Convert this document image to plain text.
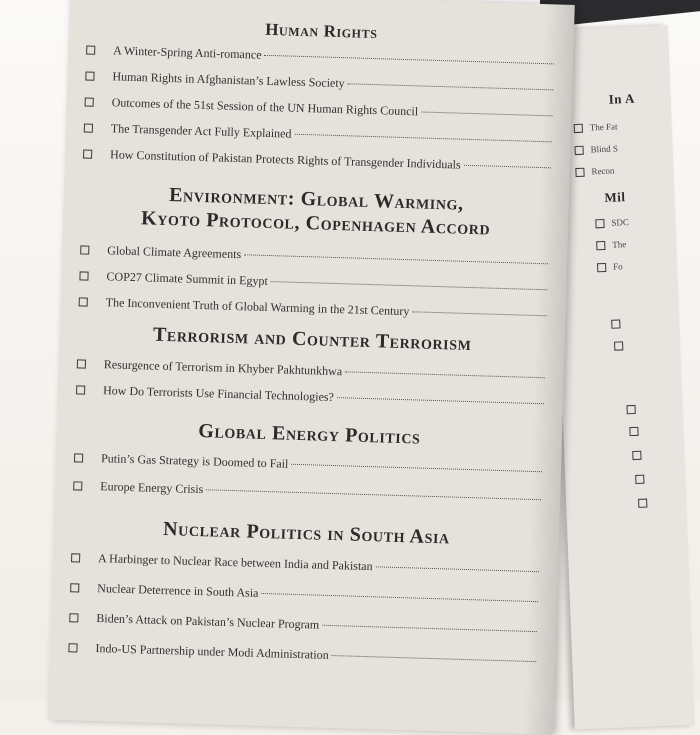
In A
The Fat
Blind S
Recon
Mil
SDC
The
Fo
Human Rights
A Winter-Spring Anti-romance
Human Rights in Afghanistan’s Lawless Society
Outcomes of the 51st Session of the UN Human Rights Council
The Transgender Act Fully Explained
How Constitution of Pakistan Protects Rights of Transgender Individuals
Environment: Global Warming,
Kyoto Protocol, Copenhagen Accord
Global Climate Agreements
COP27 Climate Summit in Egypt
The Inconvenient Truth of Global Warming in the 21st Century
Terrorism and Counter Terrorism
Resurgence of Terrorism in Khyber Pakhtunkhwa
How Do Terrorists Use Financial Technologies?
Global Energy Politics
Putin’s Gas Strategy is Doomed to Fail
Europe Energy Crisis
Nuclear Politics in South Asia
A Harbinger to Nuclear Race between India and Pakistan
Nuclear Deterrence in South Asia
Biden’s Attack on Pakistan’s Nuclear Program
Indo-US Partnership under Modi Administration
